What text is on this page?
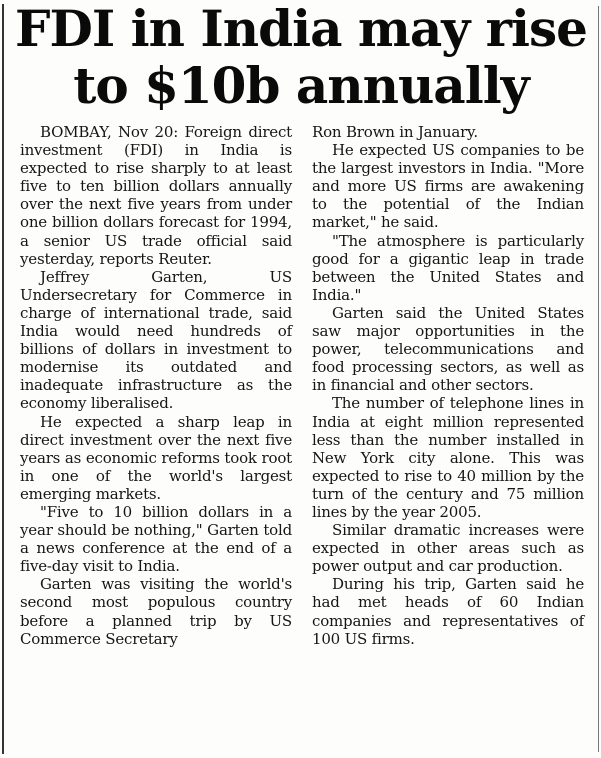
FDI in India may rise
to $10b annually

BOMBAY, Nov 20: Foreign direct investment (FDI) in India is expected to rise sharply to at least five to ten billion dollars annually over the next five years from under one billion dollars forecast for 1994, a senior US trade official said yesterday, reports Reuter.

Jeffrey Garten, US Undersecretary for Commerce in charge of international trade, said India would need hundreds of billions of dollars in investment to modernise its outdated and inadequate infrastructure as the economy liberalised.

He expected a sharp leap in direct investment over the next five years as economic reforms took root in one of the world's largest emerging markets.

"Five to 10 billion dollars in a year should be nothing," Garten told a news conference at the end of a five-day visit to India.

Garten was visiting the world's second most populous country before a planned trip by US Commerce Secretary

Ron Brown in January.

He expected US companies to be the largest investors in India. "More and more US firms are awakening to the potential of the Indian market," he said.

"The atmosphere is particularly good for a gigantic leap in trade between the United States and India."

Garten said the United States saw major opportunities in the power, telecommunications and food processing sectors, as well as in financial and other sectors.

The number of telephone lines in India at eight million represented less than the number installed in New York city alone. This was expected to rise to 40 million by the turn of the century and 75 million lines by the year 2005.

Similar dramatic increases were expected in other areas such as power output and car production.

During his trip, Garten said he had met heads of 60 Indian companies and representatives of 100 US firms.
